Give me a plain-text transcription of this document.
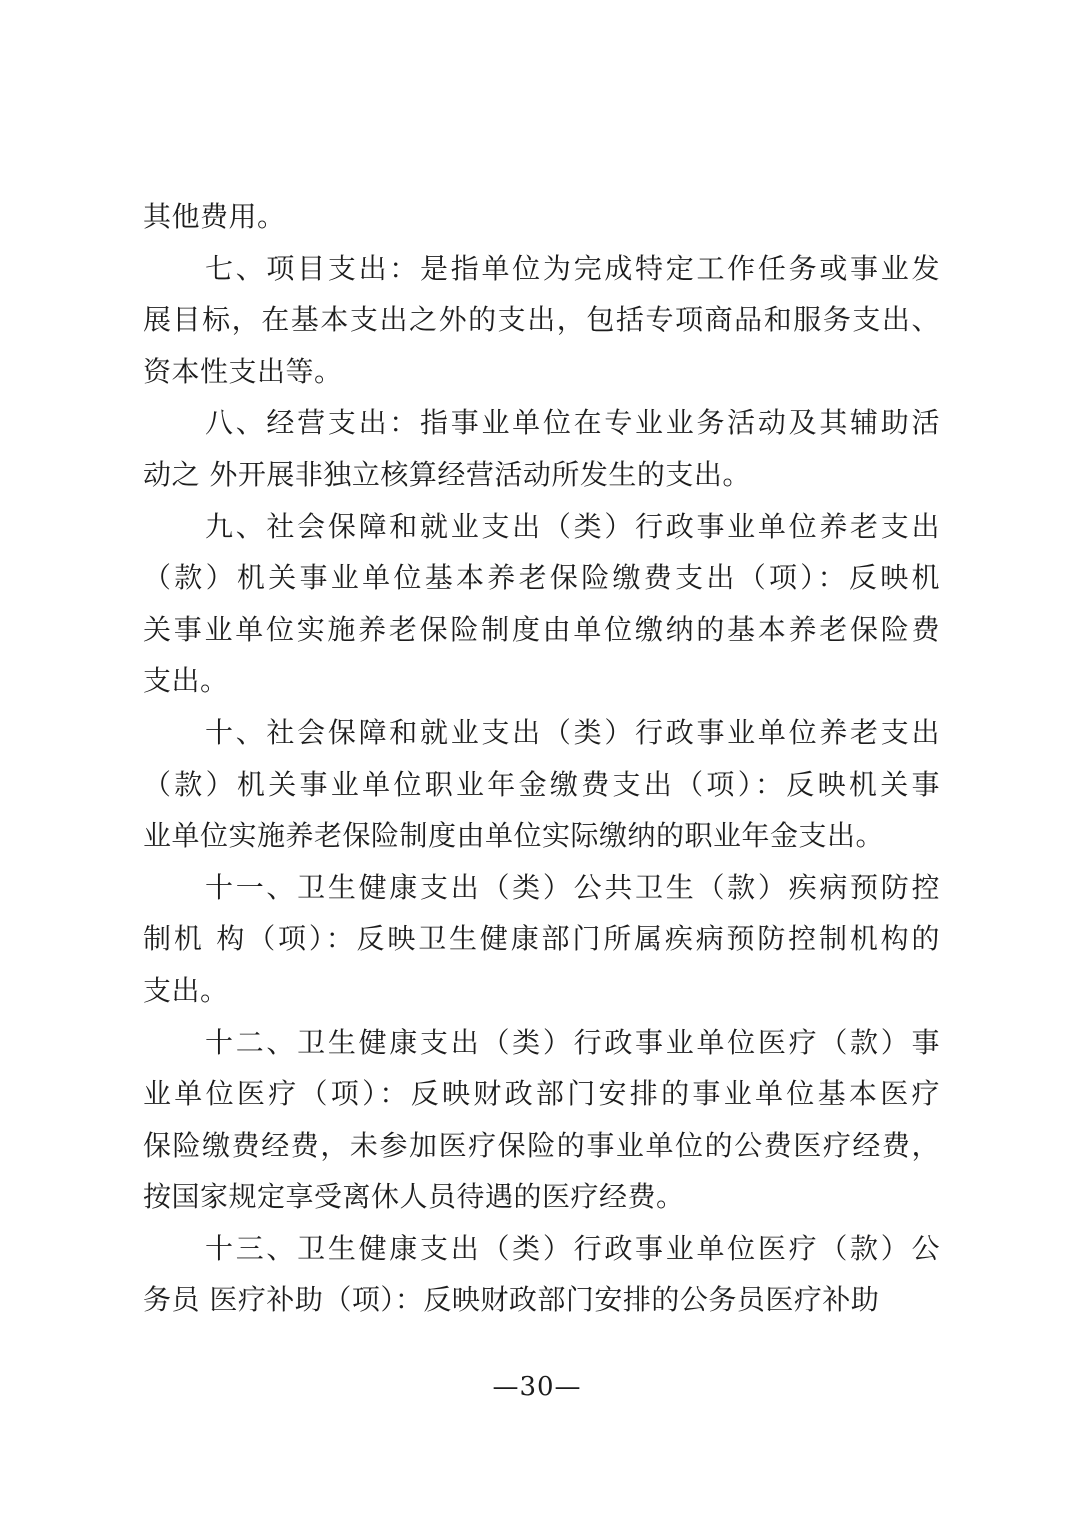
其他费用。
七、项目支出：是指单位为完成特定工作任务或事业发
展目标，在基本支出之外的支出，包括专项商品和服务支出、
资本性支出等。
八、经营支出：指事业单位在专业业务活动及其辅助活
动之 外开展非独立核算经营活动所发生的支出。
九、社会保障和就业支出（类）行政事业单位养老支出
（款）机关事业单位基本养老保险缴费支出（项）：反映机
关事业单位实施养老保险制度由单位缴纳的基本养老保险费
支出。
十、社会保障和就业支出（类）行政事业单位养老支出
（款）机关事业单位职业年金缴费支出（项）：反映机关事
业单位实施养老保险制度由单位实际缴纳的职业年金支出。
十一、卫生健康支出（类）公共卫生（款）疾病预防控
制机 构（项）：反映卫生健康部门所属疾病预防控制机构的
支出。
十二、卫生健康支出（类）行政事业单位医疗（款）事
业单位医疗（项）：反映财政部门安排的事业单位基本医疗
保险缴费经费，未参加医疗保险的事业单位的公费医疗经费，
按国家规定享受离休人员待遇的医疗经费。
十三、卫生健康支出（类）行政事业单位医疗（款）公
务员 医疗补助（项）：反映财政部门安排的公务员医疗补助
—30—
